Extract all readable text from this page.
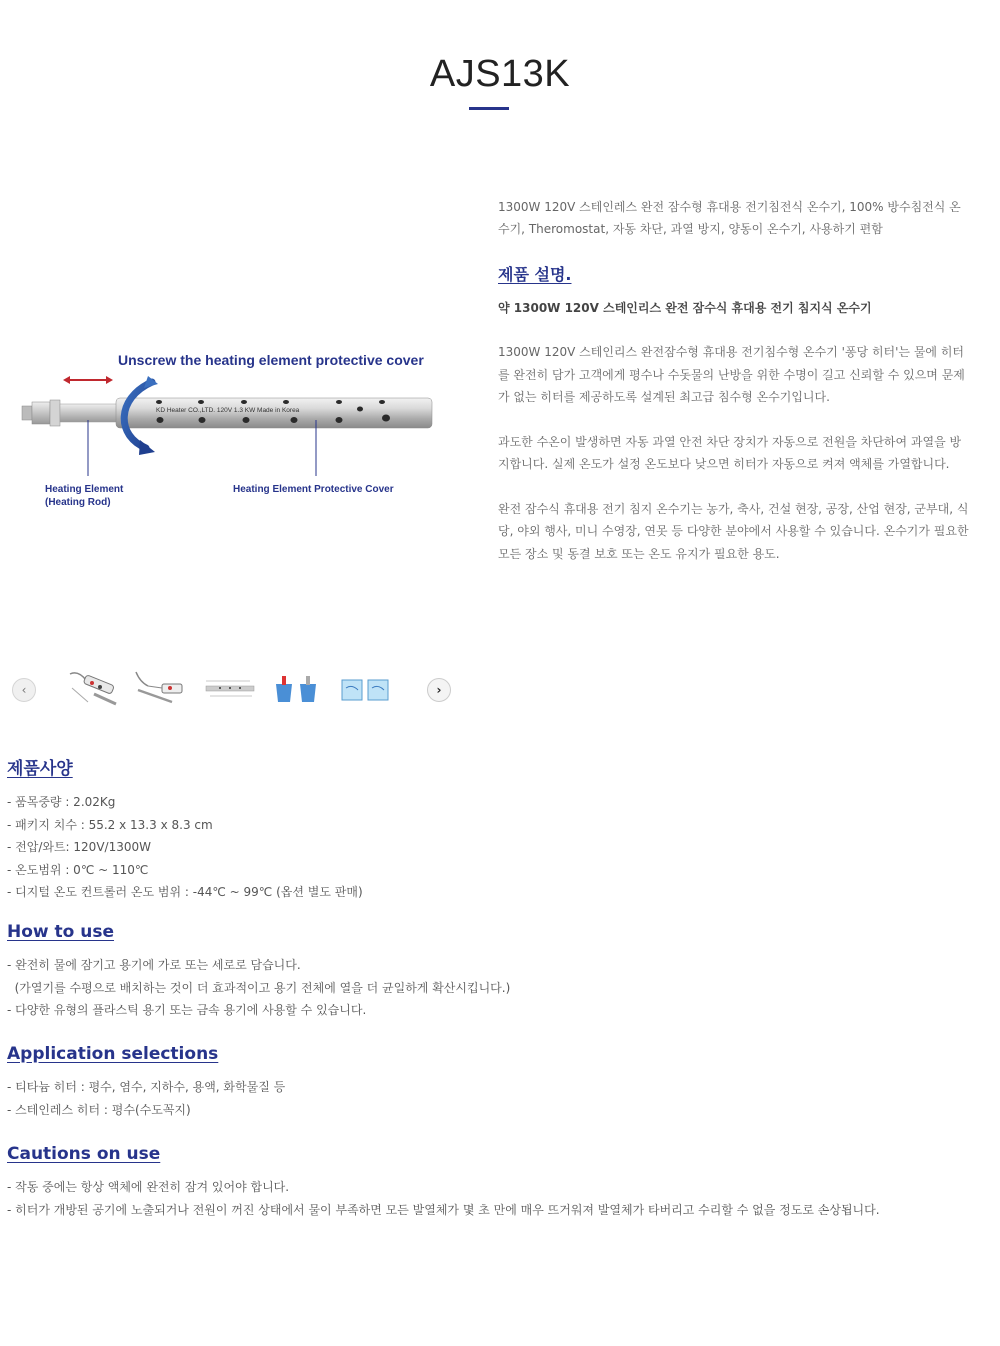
AJS13K
Unscrew the heating element protective cover
KD Heater CO.,LTD. 120V 1.3 KW Made in Korea
Heating Element
(Heating Rod)
Heating Element Protective Cover
‹	›

1300W 120V 스테인레스 완전 잠수형 휴대용 전기침전식 온수기, 100% 방수침전식 온수기, Theromostat, 자동 차단, 과열 방지, 양동이 온수기, 사용하기 편함

제품 설명.

약 1300W 120V 스테인리스 완전 잠수식 휴대용 전기 침지식 온수기

1300W 120V 스테인리스 완전잠수형 휴대용 전기침수형 온수기 '퐁당 히터'는 물에 히터를 완전히 담가 고객에게 평수나 수돗물의 난방을 위한 수명이 길고 신뢰할 수 있으며 문제가 없는 히터를 제공하도록 설계된 최고급 침수형 온수기입니다.

과도한 수온이 발생하면 자동 과열 안전 차단 장치가 자동으로 전원을 차단하여 과열을 방지합니다. 실제 온도가 설정 온도보다 낮으면 히터가 자동으로 켜져 액체를 가열합니다.

완전 잠수식 휴대용 전기 침지 온수기는 농가, 축사, 건설 현장, 공장, 산업 현장, 군부대, 식당, 야외 행사, 미니 수영장, 연못 등 다양한 분야에서 사용할 수 있습니다. 온수기가 필요한 모든 장소 및 동결 보호 또는 온도 유지가 필요한 용도.

제품사양
- 품목중량 : 2.02Kg
- 패키지 치수 : 55.2 x 13.3 x 8.3 cm
- 전압/와트: 120V/1300W
- 온도범위 : 0℃ ~ 110℃
- 디지털 온도 컨트롤러 온도 범위 : -44℃ ~ 99℃ (옵션 별도 판매)
How to use
- 완전히 물에 잠기고 용기에 가로 또는 세로로 담습니다.
(가열기를 수평으로 배치하는 것이 더 효과적이고 용기 전체에 열을 더 균일하게 확산시킵니다.)
- 다양한 유형의 플라스틱 용기 또는 금속 용기에 사용할 수 있습니다.
Application selections
- 티타늄 히터 : 평수, 염수, 지하수, 용액, 화학물질 등
- 스테인레스 히터 : 평수(수도꼭지)
Cautions on use
- 작동 중에는 항상 액체에 완전히 잠겨 있어야 합니다.
- 히터가 개방된 공기에 노출되거나 전원이 꺼진 상태에서 물이 부족하면 모든 발열체가 몇 초 만에 매우 뜨거워져 발열체가 타버리고 수리할 수 없을 정도로 손상됩니다.
